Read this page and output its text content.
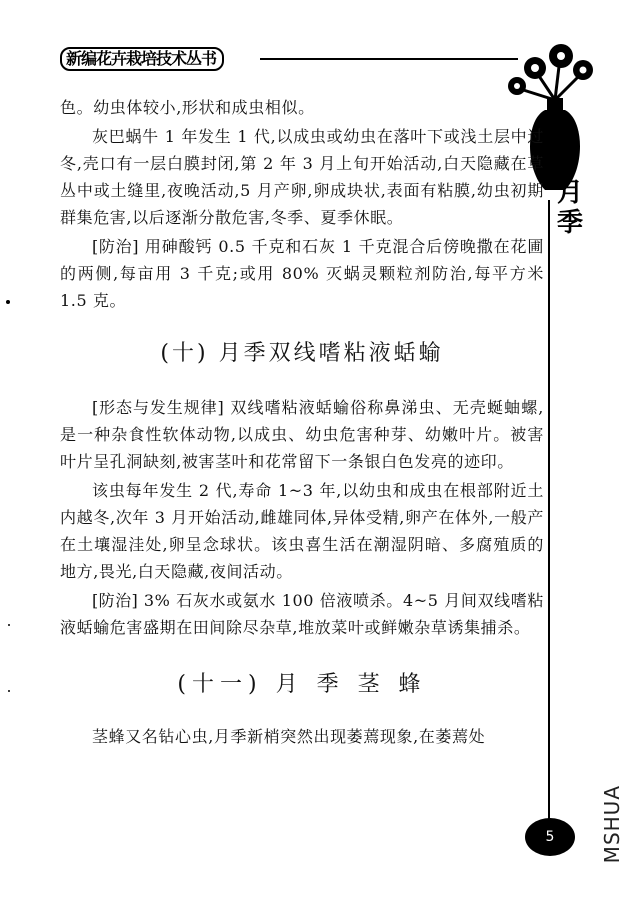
新编花卉栽培技术丛书
月季

色。幼虫体较小,形状和成虫相似。

灰巴蜗牛 1 年发生 1 代,以成虫或幼虫在落叶下或浅土层中过冬,壳口有一层白膜封闭,第 2 年 3 月上旬开始活动,白天隐藏在草丛中或土缝里,夜晚活动,5 月产卵,卵成块状,表面有粘膜,幼虫初期群集危害,以后逐渐分散危害,冬季、夏季休眠。

[防治] 用砷酸钙 0.5 千克和石灰 1 千克混合后傍晚撒在花圃的两侧,每亩用 3 千克;或用 80% 灭蜗灵颗粒剂防治,每平方米 1.5 克。

(十) 月季双线嗜粘液蛞蝓

[形态与发生规律] 双线嗜粘液蛞蝓俗称鼻涕虫、无壳蜒蚰螺,是一种杂食性软体动物,以成虫、幼虫危害种芽、幼嫩叶片。被害叶片呈孔洞缺刻,被害茎叶和花常留下一条银白色发亮的迹印。

该虫每年发生 2 代,寿命 1~3 年,以幼虫和成虫在根部附近土内越冬,次年 3 月开始活动,雌雄同体,异体受精,卵产在体外,一般产在土壤湿洼处,卵呈念球状。该虫喜生活在潮湿阴暗、多腐殖质的地方,畏光,白天隐藏,夜间活动。

[防治] 3% 石灰水或氨水 100 倍液喷杀。4~5 月间双线嗜粘液蛞蝓危害盛期在田间除尽杂草,堆放菜叶或鲜嫩杂草诱集捕杀。

(十一) 月 季 茎 蜂

茎蜂又名钻心虫,月季新梢突然出现萎蔫现象,在萎蔫处

5	MSHUA
